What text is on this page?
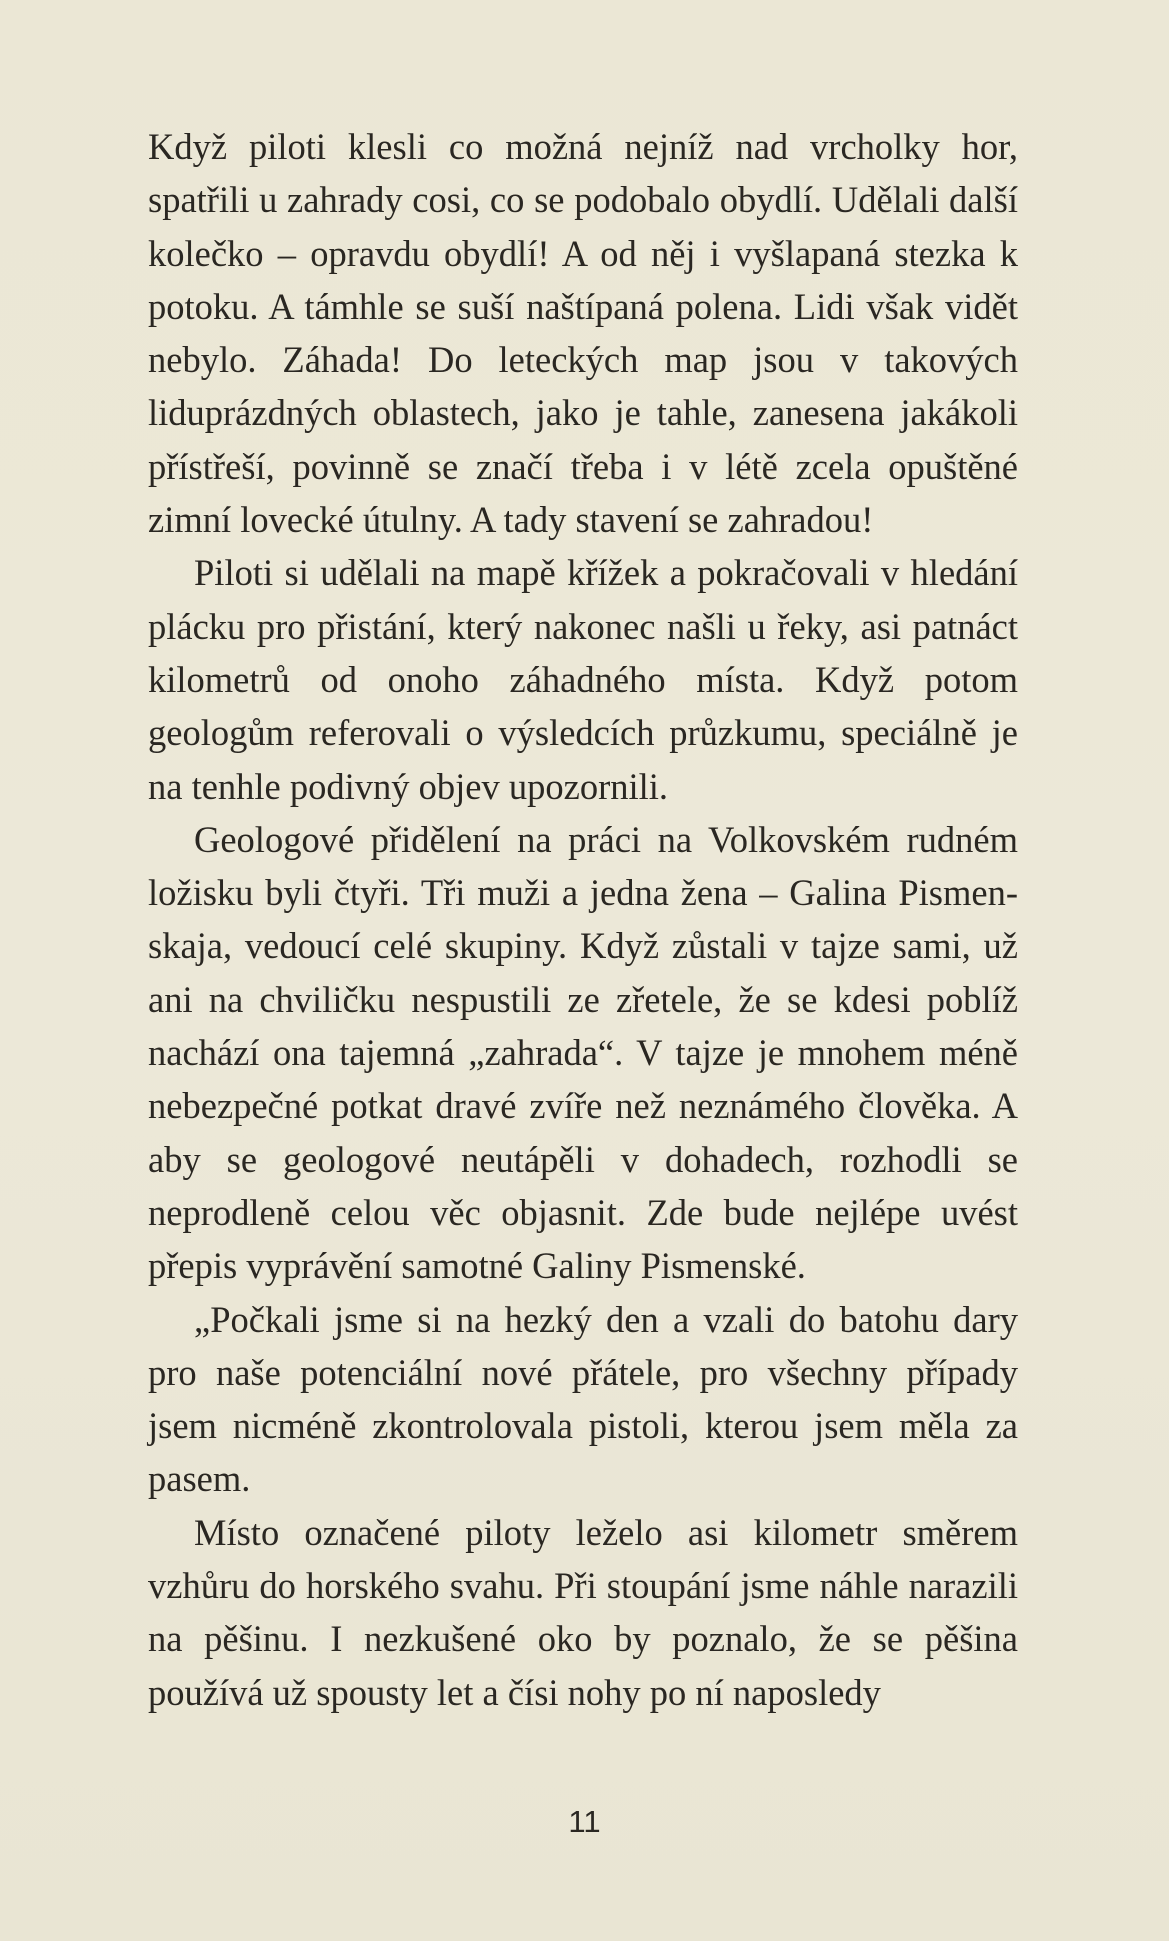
Když piloti klesli co možná nejníž nad vrcholky hor, spatřili u zahrady cosi, co se podobalo obydlí. Udělali další kolečko – opravdu obydlí! A od něj i vyšlapaná stezka k potoku. A támhle se suší naštípaná polena. Lidi však vidět nebylo. Záhada! Do leteckých map jsou v takových liduprázdných oblastech, jako je tahle, zanesena jakákoli přístřeší, povinně se značí třeba i v létě zcela opuštěné zimní lovecké útulny. A tady stavení se zahradou!

Piloti si udělali na mapě křížek a pokračovali v hledání plácku pro přistání, který nakonec našli u řeky, asi patnáct kilometrů od onoho záhadného místa. Když potom geologům referovali o výsledcích průzkumu, speciálně je na tenhle podivný objev upozornili.

Geologové přidělení na práci na Volkovském rudném ložisku byli čtyři. Tři muži a jedna žena – Galina Pismenskaja, vedoucí celé skupiny. Když zůstali v tajze sami, už ani na chviličku nespustili ze zřetele, že se kdesi poblíž nachází ona tajemná „zahrada“. V tajze je mnohem méně nebezpečné potkat dravé zvíře než neznámého člověka. A aby se geologové neutápěli v dohadech, rozhodli se neprodleně celou věc objasnit. Zde bude nejlépe uvést přepis vyprávění samotné Galiny Pismenské.

„Počkali jsme si na hezký den a vzali do batohu dary pro naše potenciální nové přátele, pro všechny případy jsem nicméně zkontrolovala pistoli, kterou jsem měla za pasem.

Místo označené piloty leželo asi kilometr směrem vzhůru do horského svahu. Při stoupání jsme náhle narazili na pěšinu. I nezkušené oko by poznalo, že se pěšina používá už spousty let a čísi nohy po ní naposledy

11
